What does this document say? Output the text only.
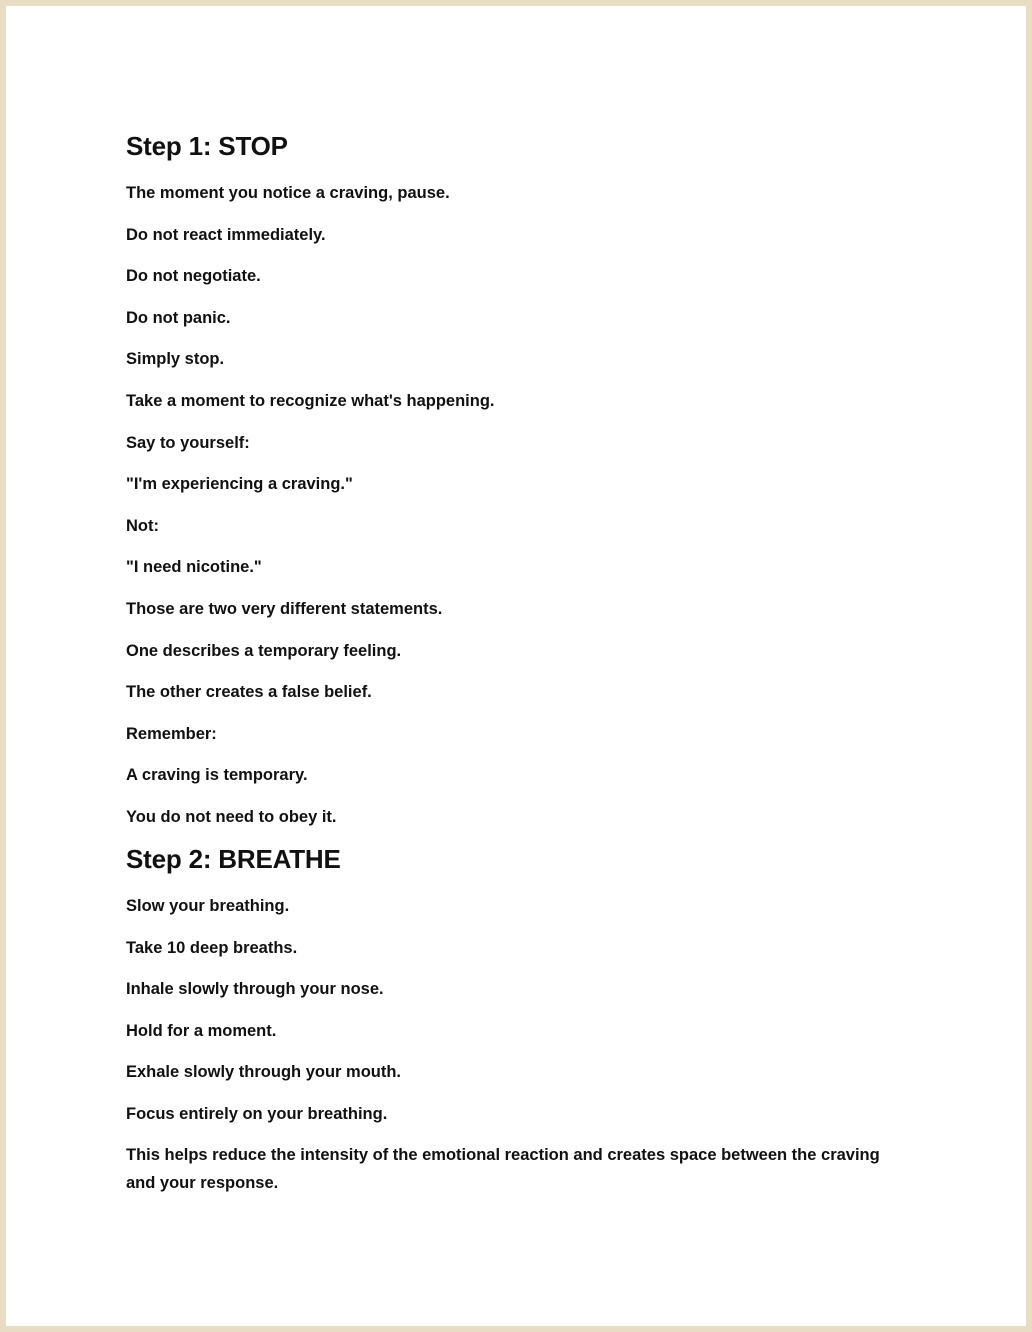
Step 1: STOP

The moment you notice a craving, pause.

Do not react immediately.

Do not negotiate.

Do not panic.

Simply stop.

Take a moment to recognize what's happening.

Say to yourself:

"I'm experiencing a craving."

Not:

"I need nicotine."

Those are two very different statements.

One describes a temporary feeling.

The other creates a false belief.

Remember:

A craving is temporary.

You do not need to obey it.

Step 2: BREATHE

Slow your breathing.

Take 10 deep breaths.

Inhale slowly through your nose.

Hold for a moment.

Exhale slowly through your mouth.

Focus entirely on your breathing.

This helps reduce the intensity of the emotional reaction and creates space between the craving and your response.
